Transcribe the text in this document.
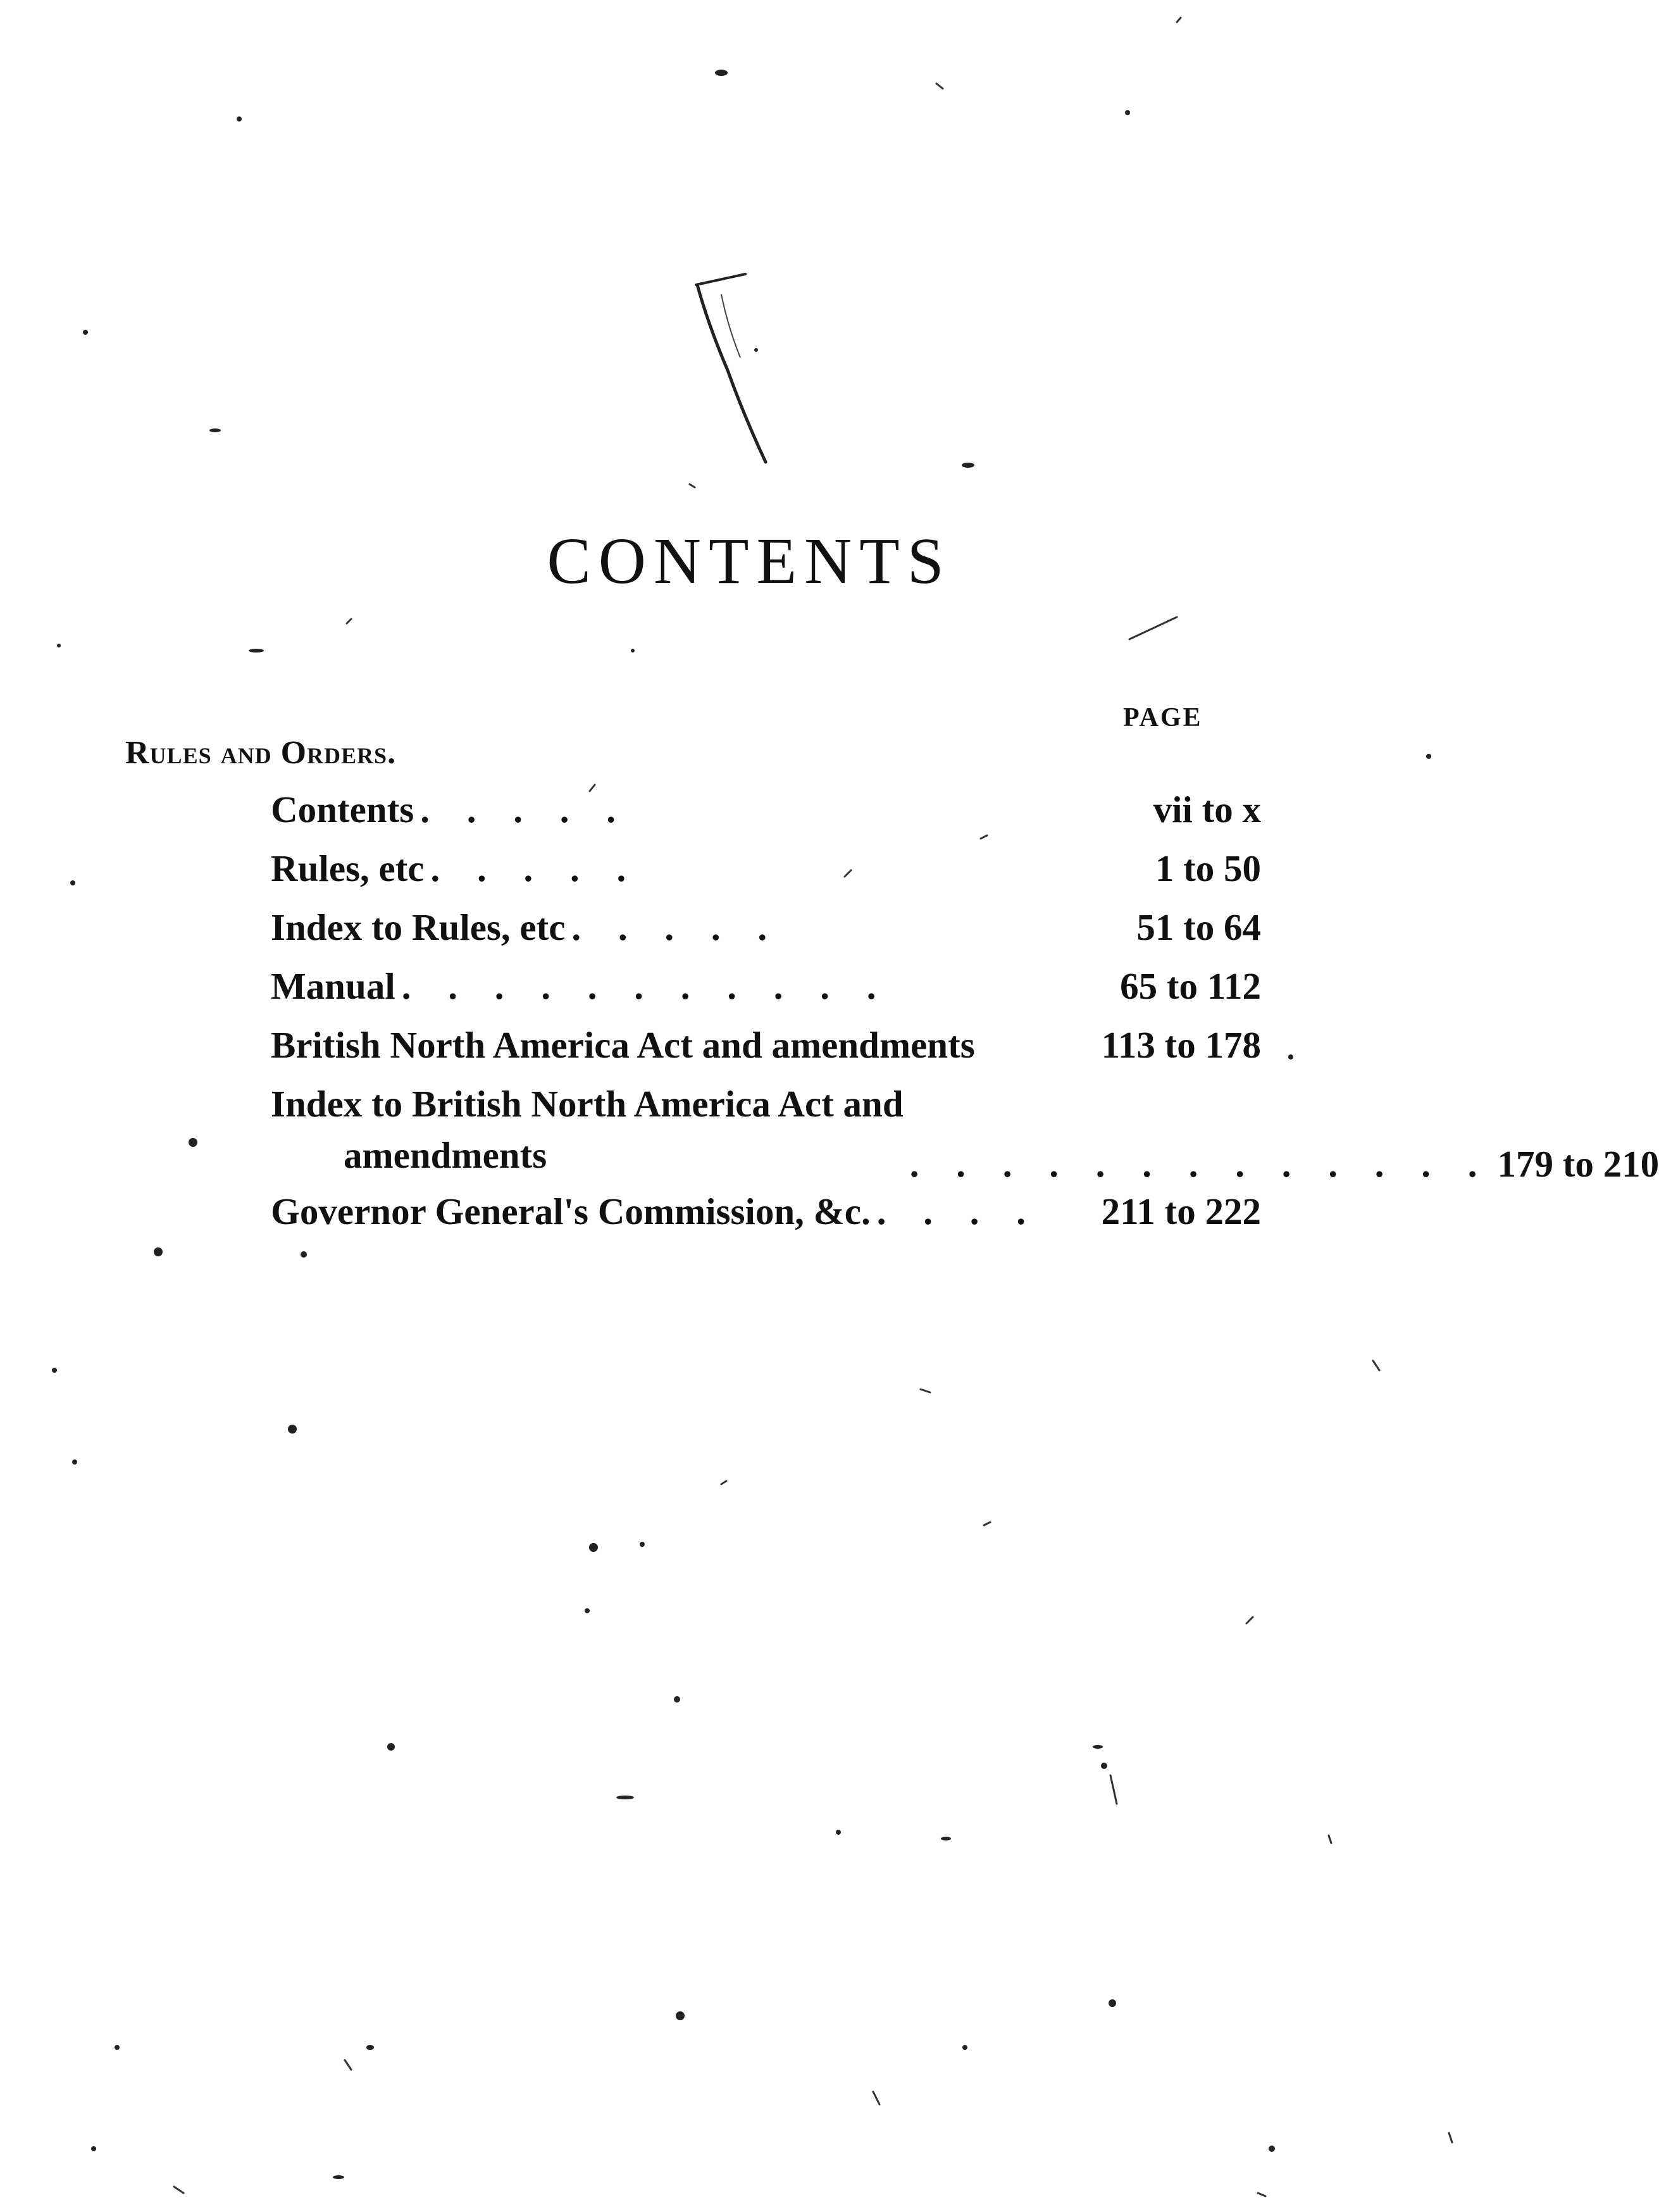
CONTENTS
PAGE
Rules and Orders.
Contents . . . . .	vii to x
Rules, etc . . . . .	1 to 50
Index to Rules, etc . . . . .	51 to 64
Manual . . . . . . . . . . .	65 to 112
British North America Act and amendments	113 to 178
Index to British North America Act and
amendments	. . . . . . . . . . . . . 179 to 210
Governor General's Commission, &c. . . . .	211 to 222
